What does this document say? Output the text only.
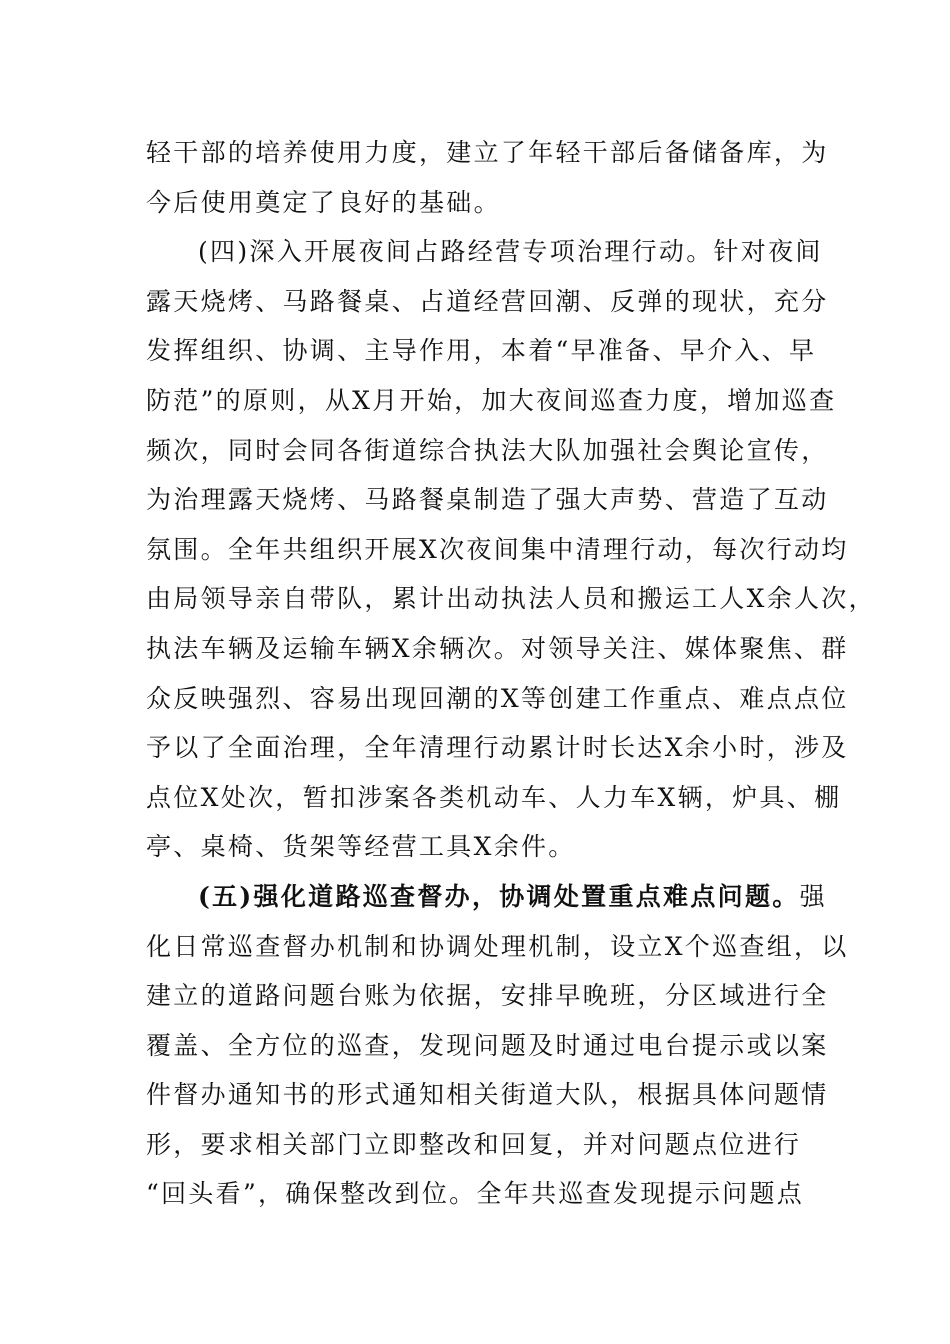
轻干部的培养使用力度，建立了年轻干部后备储备库，为
今后使用奠定了良好的基础。
(四)深入开展夜间占路经营专项治理行动。针对夜间
露天烧烤、马路餐桌、占道经营回潮、反弹的现状，充分
发挥组织、协调、主导作用，本着“早准备、早介入、早
防范”的原则，从X月开始，加大夜间巡查力度，增加巡查
频次，同时会同各街道综合执法大队加强社会舆论宣传，
为治理露天烧烤、马路餐桌制造了强大声势、营造了互动
氛围。全年共组织开展X次夜间集中清理行动，每次行动均
由局领导亲自带队，累计出动执法人员和搬运工人X余人次，
执法车辆及运输车辆X余辆次。对领导关注、媒体聚焦、群
众反映强烈、容易出现回潮的X等创建工作重点、难点点位
予以了全面治理，全年清理行动累计时长达X余小时，涉及
点位X处次，暂扣涉案各类机动车、人力车X辆，炉具、棚
亭、桌椅、货架等经营工具X余件。
(五)强化道路巡查督办，协调处置重点难点问题。强
化日常巡查督办机制和协调处理机制，设立X个巡查组，以
建立的道路问题台账为依据，安排早晚班，分区域进行全
覆盖、全方位的巡查，发现问题及时通过电台提示或以案
件督办通知书的形式通知相关街道大队，根据具体问题情
形，要求相关部门立即整改和回复，并对问题点位进行
“回头看”，确保整改到位。全年共巡查发现提示问题点
